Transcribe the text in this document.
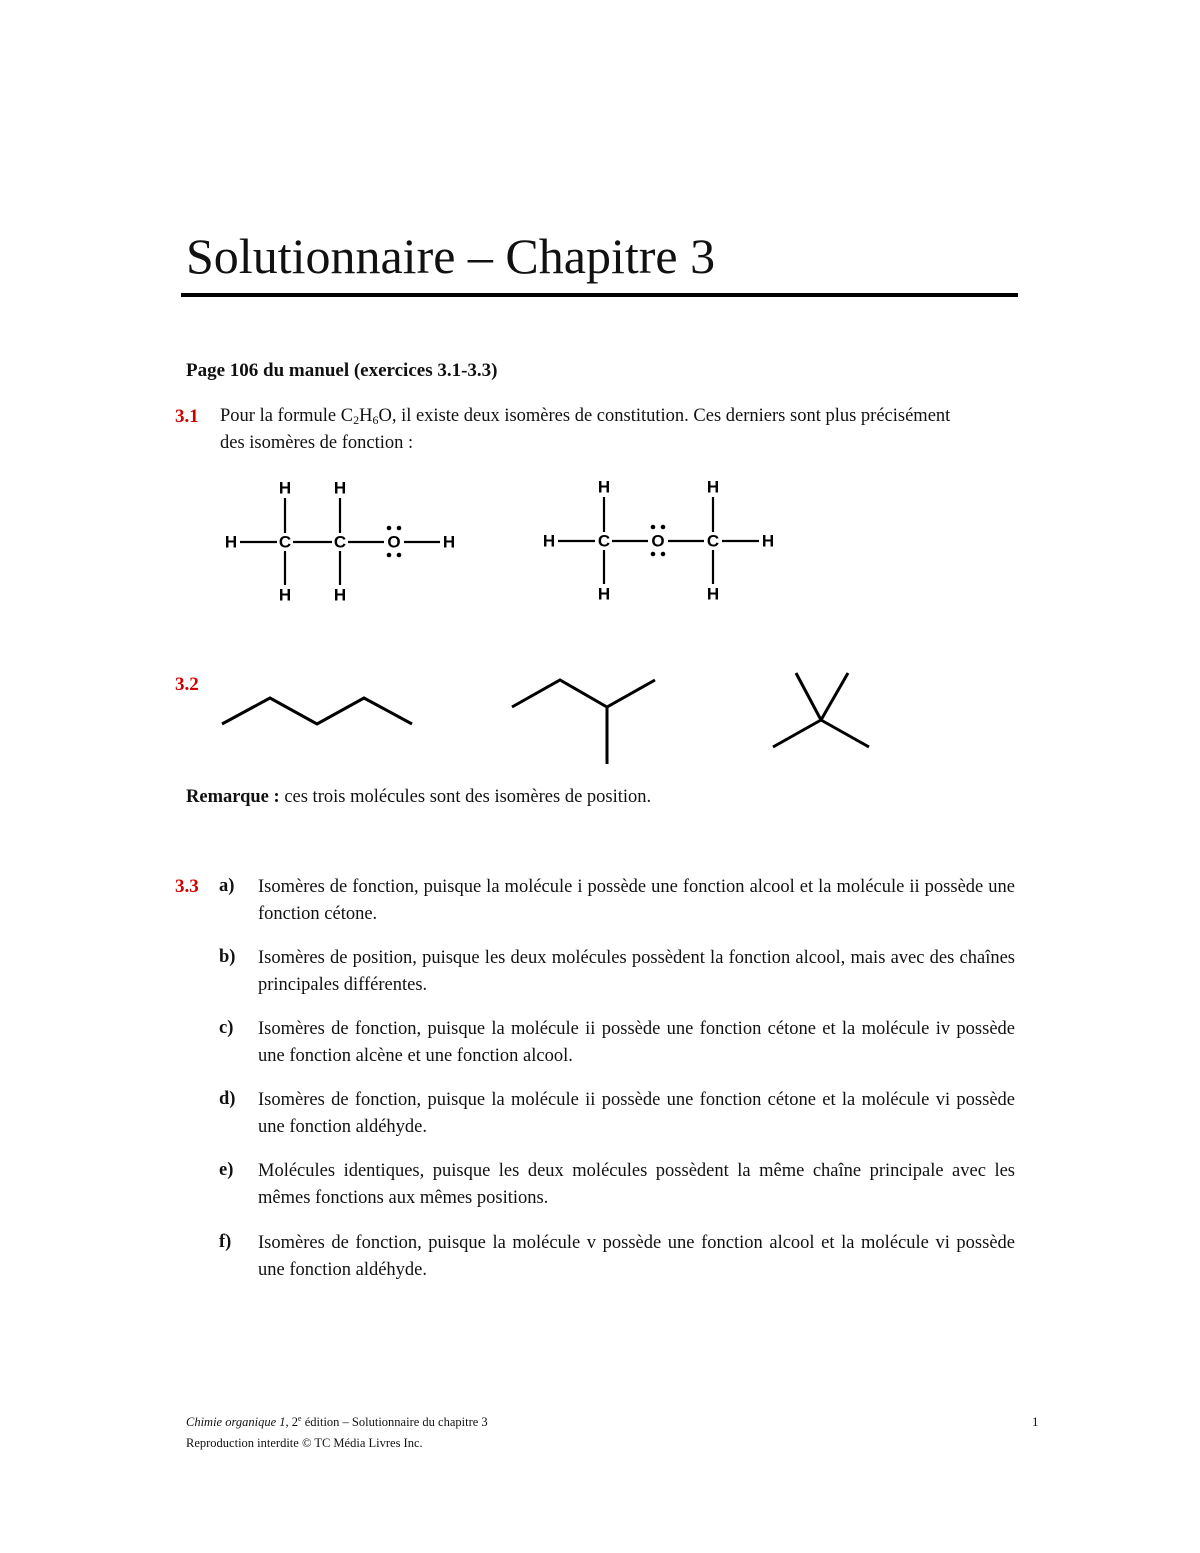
Solutionnaire – Chapitre 3
Page 106 du manuel (exercices 3.1-3.3)
3.1 Pour la formule $C_2H_6O$, il existe deux isomères de constitution. Ces derniers sont plus précisément
des isomères de fonction :
H C	C O H
H	H
H	H
H	C O C	H
H	H
H	H
3.2
Remarque : ces trois molécules sont des isomères de position.
3.3 a) Isomères de fonction, puisque la molécule i possède une fonction alcool et la molécule ii possède une fonction cétone.
b) Isomères de position, puisque les deux molécules possèdent la fonction alcool, mais avec des chaînes principales différentes.
c) Isomères de fonction, puisque la molécule ii possède une fonction cétone et la molécule iv possède une fonction alcène et une fonction alcool.
d) Isomères de fonction, puisque la molécule ii possède une fonction cétone et la molécule vi possède une fonction aldéhyde.
e) Molécules identiques, puisque les deux molécules possèdent la même chaîne principale avec les mêmes fonctions aux mêmes positions.
f) Isomères de fonction, puisque la molécule v possède une fonction alcool et la molécule vi possède une fonction aldéhyde.
Chimie organique 1, 2e édition – Solutionnaire du chapitre 3
Reproduction interdite © TC Média Livres Inc.
1
